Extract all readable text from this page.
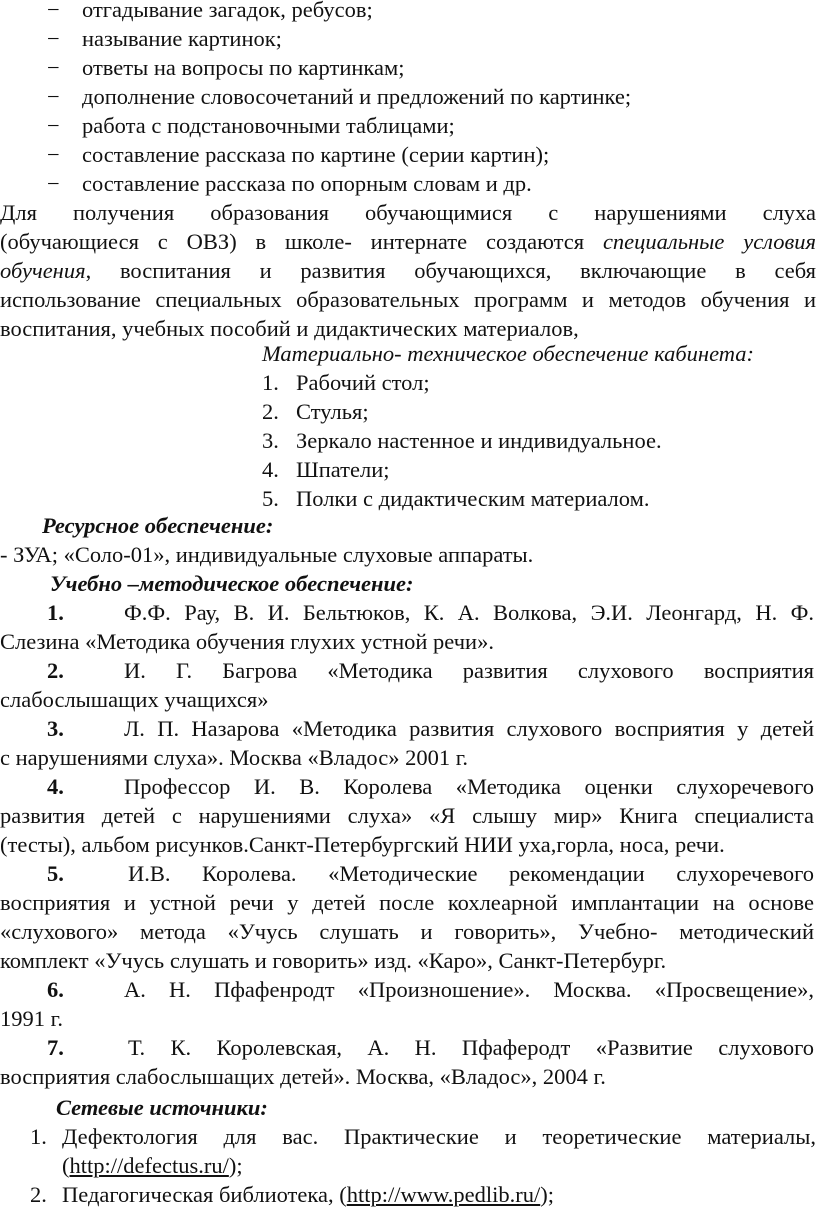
− отгадывание загадок, ребусов;
− называние картинок;
− ответы на вопросы по картинкам;
− дополнение словосочетаний и предложений по картинке;
− работа с подстановочными таблицами;
− составление рассказа по картине (серии картин);
− составление рассказа по опорным словам и др.
Для получения образования обучающимися с нарушениями слуха
(обучающиеся с ОВЗ) в школе- интернате создаются специальные условия
обучения, воспитания и развития обучающихся, включающие в себя
использование специальных образовательных программ и методов обучения и
воспитания, учебных пособий и дидактических материалов,
Материально- техническое обеспечение кабинета:
1. Рабочий стол;
2. Стулья;
3. Зеркало настенное и индивидуальное.
4. Шпатели;
5. Полки с дидактическим материалом.
Ресурсное обеспечение:
- ЗУА; «Соло-01», индивидуальные слуховые аппараты.
Учебно –методическое обеспечение:
1.	Ф.Ф. Рау, В. И. Бельтюков, К. А. Волкова, Э.И. Леонгард, Н. Ф.
Слезина «Методика обучения глухих устной речи».
2.	И. Г. Багрова «Методика развития слухового восприятия
слабослышащих учащихся»
3.	Л. П. Назарова «Методика развития слухового восприятия у детей
с нарушениями слуха». Москва «Владос» 2001 г.
4.	Профессор И. В. Королева «Методика оценки слухоречевого
развития детей с нарушениями слуха» «Я слышу мир» Книга специалиста
(тесты), альбом рисунков.Санкт-Петербургский НИИ уха,горла, носа, речи.
5.	И.В. Королева. «Методические рекомендации слухоречевого
восприятия и устной речи у детей после кохлеарной имплантации на основе
«слухового» метода «Учусь слушать и говорить», Учебно- методический
комплект «Учусь слушать и говорить» изд. «Каро», Санкт-Петербург.
6.	А. Н. Пфафенродт «Произношение». Москва. «Просвещение»,
1991 г.
7.	Т. К. Королевская, А. Н. Пфаферодт «Развитие слухового
восприятия слабослышащих детей». Москва, «Владос», 2004 г.
Сетевые источники:
1. Дефектология для вас. Практические и теоретические материалы,
(http://defectus.ru/);
2. Педагогическая библиотека, (http://www.pedlib.ru/);
